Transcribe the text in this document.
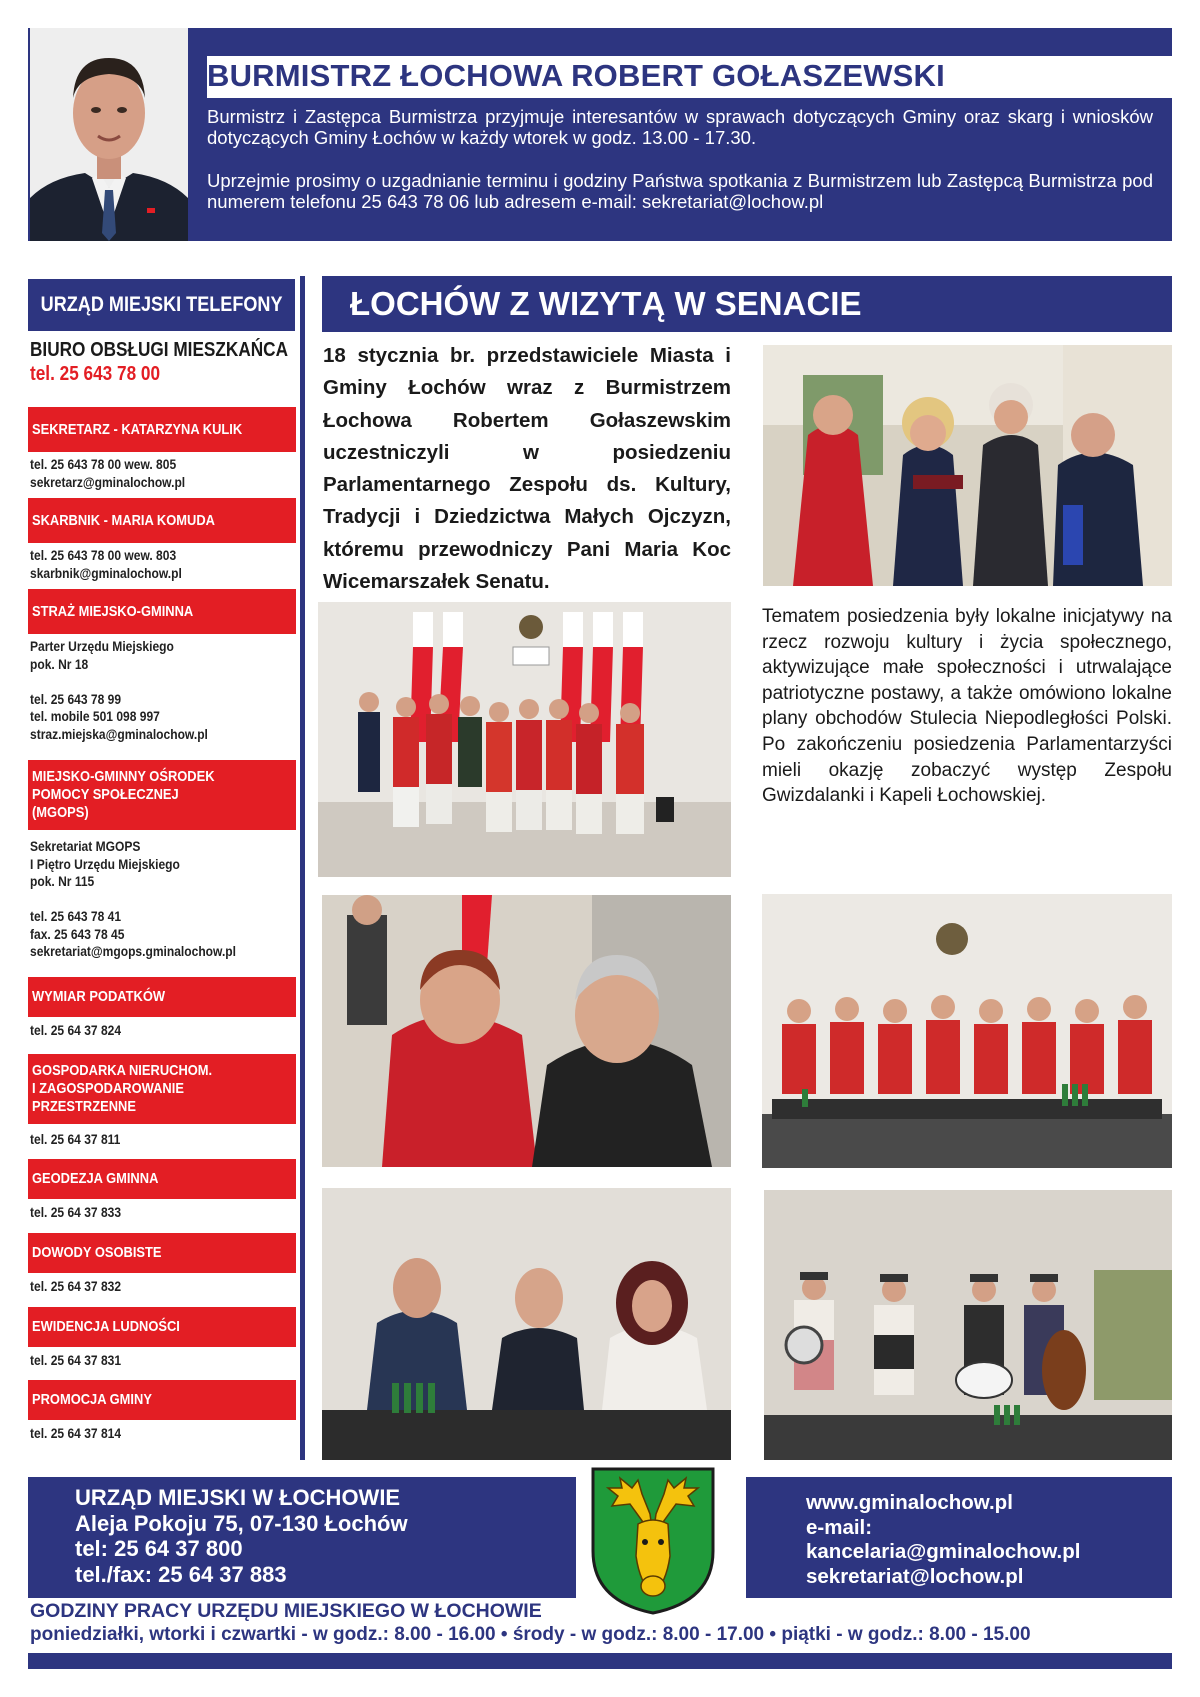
BURMISTRZ ŁOCHOWA ROBERT GOŁASZEWSKI
Burmistrz i Zastępca Burmistrza przyjmuje interesantów w sprawach dotyczących Gminy oraz skarg i wniosków dotyczących Gminy Łochów w każdy wtorek w godz. 13.00 - 17.30.
Uprzejmie prosimy o uzgadnianie terminu i godziny Państwa spotkania z Burmistrzem lub Zastępcą Burmistrza pod numerem telefonu 25 643 78 06 lub adresem e-mail: sekretariat@lochow.pl
URZĄD MIEJSKI TELEFONY
BIURO OBSŁUGI MIESZKAŃCA
tel. 25 643 78 00
SEKRETARZ - KATARZYNA KULIK
tel. 25 643 78 00 wew. 805
sekretarz@gminalochow.pl
SKARBNIK - MARIA KOMUDA
tel. 25 643 78 00 wew. 803
skarbnik@gminalochow.pl
STRAŻ MIEJSKO-GMINNA
Parter Urzędu Miejskiego
pok. Nr 18
tel. 25 643 78 99
tel. mobile 501 098 997
straz.miejska@gminalochow.pl
MIEJSKO-GMINNY OŚRODEK
POMOCY SPOŁECZNEJ
(MGOPS)
Sekretariat MGOPS
I Piętro Urzędu Miejskiego
pok. Nr 115
tel. 25 643 78 41
fax. 25 643 78 45
sekretariat@mgops.gminalochow.pl
WYMIAR PODATKÓW
tel. 25 64 37 824
GOSPODARKA NIERUCHOM.
I ZAGOSPODAROWANIE
PRZESTRZENNE
tel. 25 64 37 811
GEODEZJA GMINNA
tel. 25 64 37 833
DOWODY OSOBISTE
tel. 25 64 37 832
EWIDENCJA LUDNOŚCI
tel. 25 64 37 831
PROMOCJA GMINY
tel. 25 64 37 814
ŁOCHÓW Z WIZYTĄ W SENACIE
18 stycznia br. przedstawiciele Miasta i Gminy Łochów wraz z Burmistrzem Łochowa Robertem Gołaszewskim uczestniczyli w posiedzeniu Parlamentarnego Zespołu ds. Kultury, Tradycji i Dziedzictwa Małych Ojczyzn, któremu przewodniczy Pani Maria Koc Wicemarszałek Senatu.
Tematem posiedzenia były lokalne inicjatywy na rzecz rozwoju kultury i życia społecznego, aktywizujące małe społeczności i utrwalające patriotyczne postawy, a także omówiono lokalne plany obchodów Stulecia Niepodległości Polski. Po zakończeniu posiedzenia Parlamentarzyści mieli okazję zobaczyć występ Zespołu Gwizdalanki i Kapeli Łochowskiej.
URZĄD MIEJSKI W ŁOCHOWIE
Aleja Pokoju 75, 07-130 Łochów
tel: 25 64 37 800
tel./fax: 25 64 37 883
www.gminalochow.pl
e-mail:
kancelaria@gminalochow.pl
sekretariat@lochow.pl
GODZINY PRACY URZĘDU MIEJSKIEGO W ŁOCHOWIE
poniedziałki, wtorki i czwartki - w godz.: 8.00 - 16.00 • środy - w godz.: 8.00 - 17.00 • piątki - w godz.: 8.00 - 15.00
